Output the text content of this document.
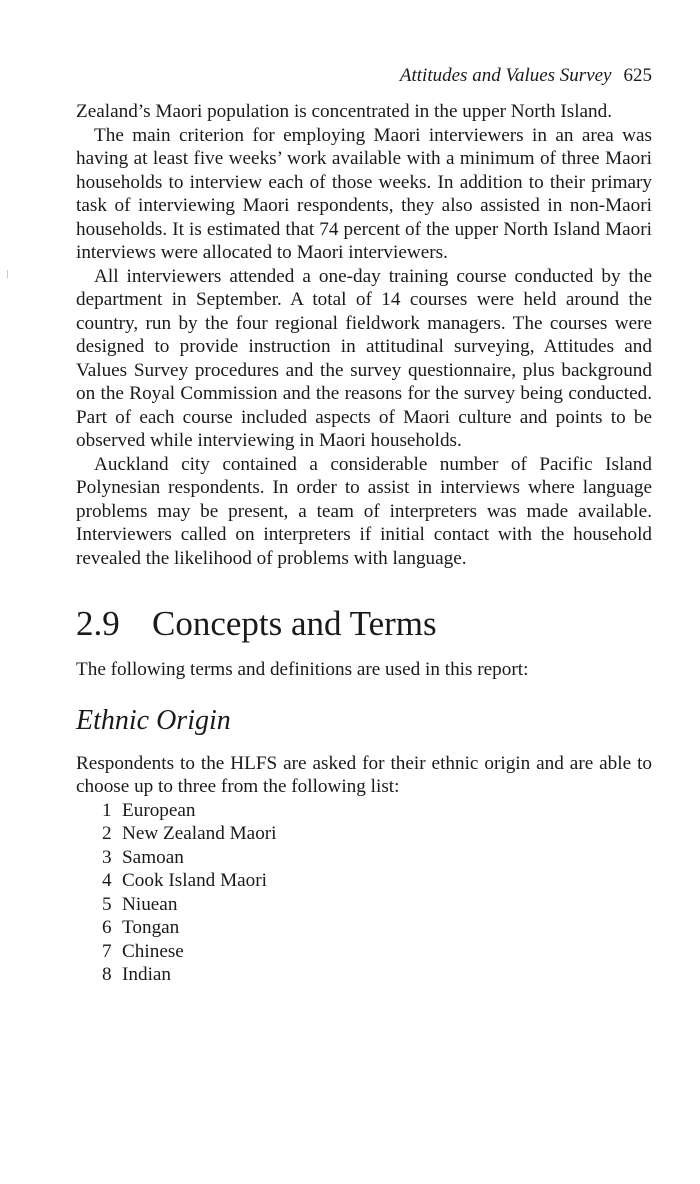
Attitudes and Values Survey 625

Zealand’s Maori population is concentrated in the upper North Island.

The main criterion for employing Maori interviewers in an area was having at least five weeks’ work available with a minimum of three Maori households to interview each of those weeks. In addition to their primary task of interviewing Maori respondents, they also assisted in non-Maori households. It is estimated that 74 percent of the upper North Island Maori interviews were allocated to Maori interviewers.

All interviewers attended a one-day training course conducted by the department in September. A total of 14 courses were held around the country, run by the four regional fieldwork managers. The courses were designed to provide instruction in attitudinal surveying, Attitudes and Values Survey procedures and the survey questionnaire, plus background on the Royal Commission and the reasons for the survey being conducted. Part of each course included aspects of Maori culture and points to be observed while interviewing in Maori households.

Auckland city contained a considerable number of Pacific Island Polynesian respondents. In order to assist in interviews where language problems may be present, a team of interpreters was made available. Interviewers called on interpreters if initial contact with the household revealed the likelihood of problems with language.

2.9 Concepts and Terms

The following terms and definitions are used in this report:

Ethnic Origin

Respondents to the HLFS are asked for their ethnic origin and are able to choose up to three from the following list:

1 European
2 New Zealand Maori
3 Samoan
4 Cook Island Maori
5 Niuean
6 Tongan
7 Chinese
8 Indian
